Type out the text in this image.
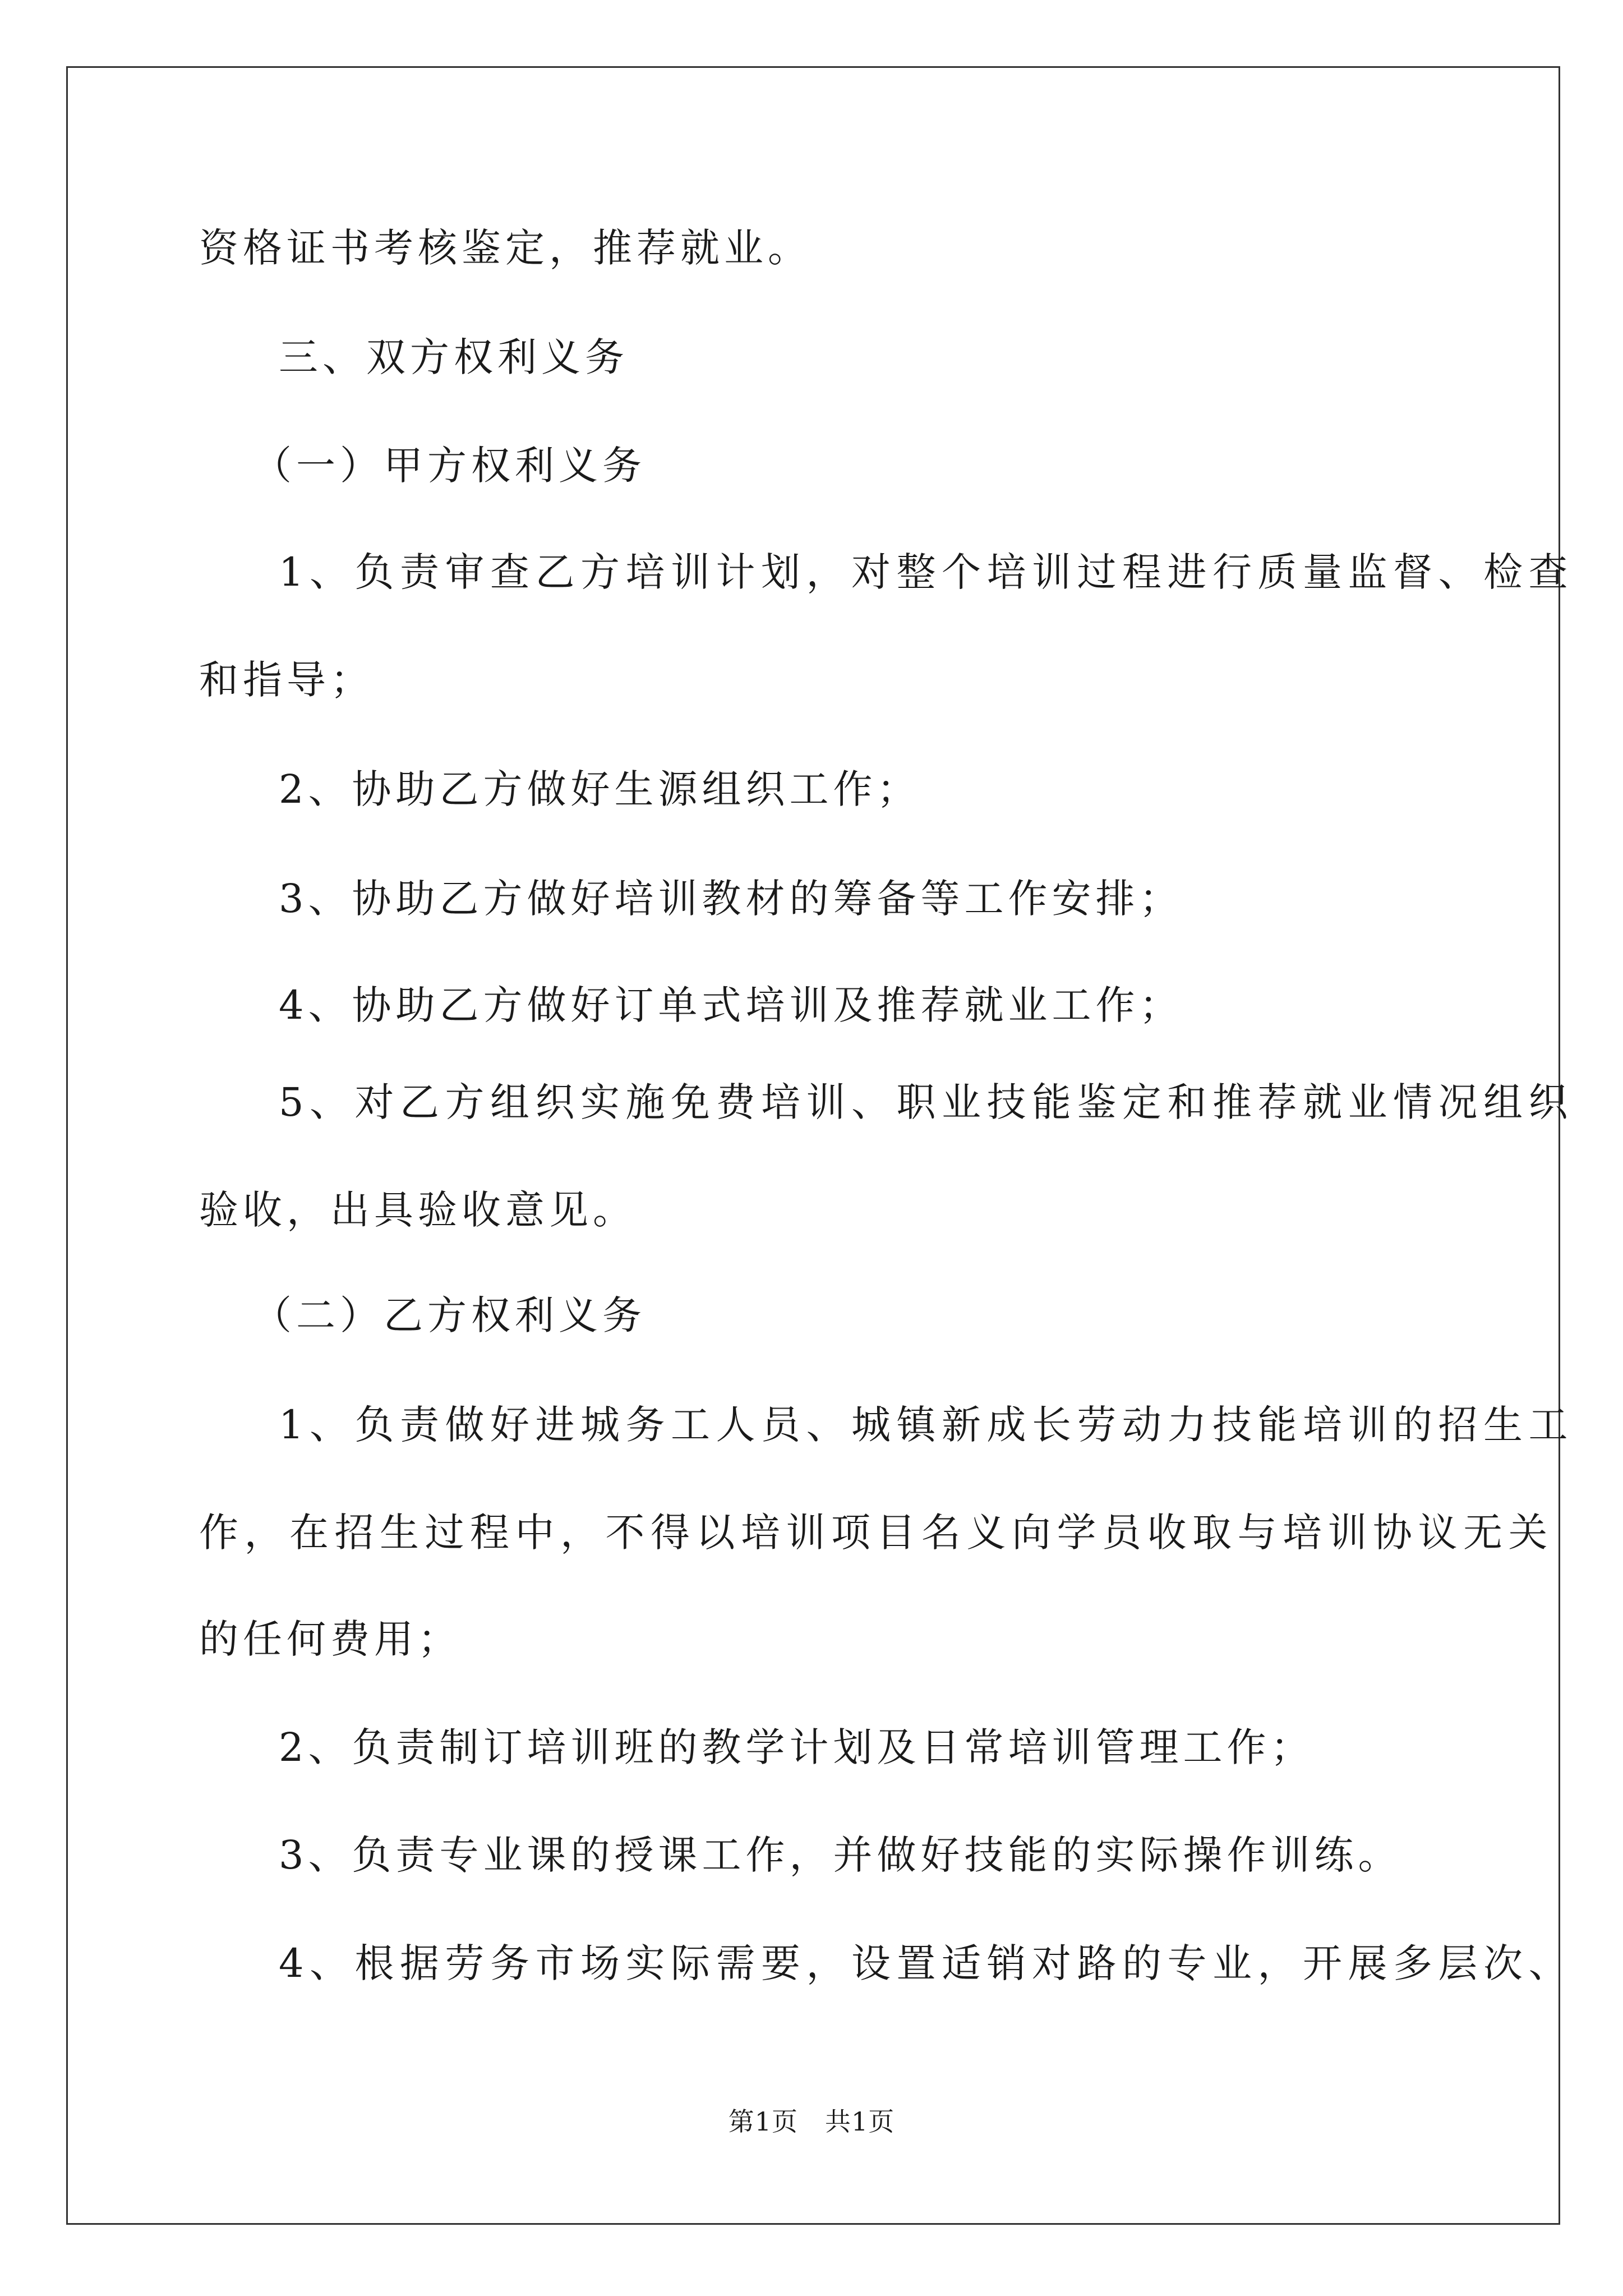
资格证书考核鉴定，推荐就业。
三、双方权利义务
（一）甲方权利义务
1、负责审查乙方培训计划，对整个培训过程进行质量监督、检查
和指导；
2、协助乙方做好生源组织工作；
3、协助乙方做好培训教材的筹备等工作安排；
4、协助乙方做好订单式培训及推荐就业工作；
5、对乙方组织实施免费培训、职业技能鉴定和推荐就业情况组织
验收，出具验收意见。
（二）乙方权利义务
1、负责做好进城务工人员、城镇新成长劳动力技能培训的招生工
作，在招生过程中，不得以培训项目名义向学员收取与培训协议无关
的任何费用；
2、负责制订培训班的教学计划及日常培训管理工作；
3、负责专业课的授课工作，并做好技能的实际操作训练。
4、根据劳务市场实际需要，设置适销对路的专业，开展多层次、
第1页 共1页
